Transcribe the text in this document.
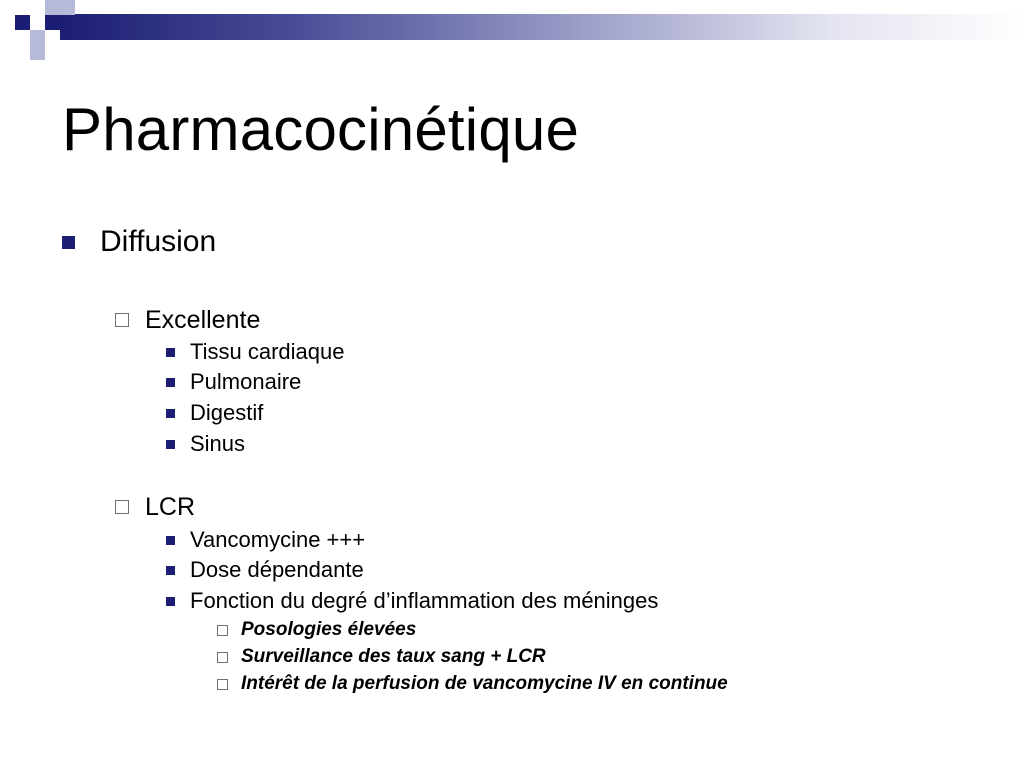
Pharmacocinétique
Diffusion
Excellente
Tissu cardiaque
Pulmonaire
Digestif
Sinus
LCR
Vancomycine +++
Dose dépendante
Fonction du degré d’inflammation des méninges
Posologies élevées
Surveillance des taux sang + LCR
Intérêt de la perfusion de vancomycine IV en continue
